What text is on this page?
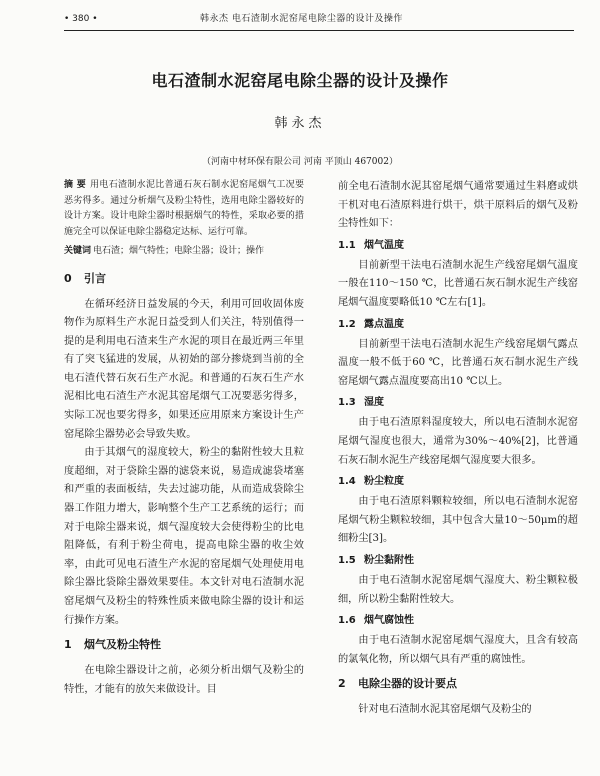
• 380 •	韩永杰 电石渣制水泥窑尾电除尘器的设计及操作
电石渣制水泥窑尾电除尘器的设计及操作
韩永杰
（河南中材环保有限公司 河南 平顶山 467002）

摘 要 用电石渣制水泥比普通石灰石制水泥窑尾烟气工况要恶劣得多。通过分析烟气及粉尘特性，选用电除尘器较好的设计方案。设计电除尘器时根据烟气的特性，采取必要的措施完全可以保证电除尘器稳定达标、运行可靠。

关键词 电石渣；烟气特性；电除尘器；设计；操作

0 引言

在循环经济日益发展的今天，利用可回收固体废物作为原料生产水泥日益受到人们关注，特别值得一提的是利用电石渣来生产水泥的项目在最近两三年里有了突飞猛进的发展，从初始的部分掺烧到当前的全电石渣代替石灰石生产水泥。和普通的石灰石生产水泥相比电石渣生产水泥其窑尾烟气工况要恶劣得多，实际工况也要劣得多，如果还应用原来方案设计生产窑尾除尘器势必会导致失败。

由于其烟气的湿度较大，粉尘的黏附性较大且粒度超细，对于袋除尘器的滤袋来说，易造成滤袋堵塞和严重的表面板结，失去过滤功能，从而造成袋除尘器工作阻力增大，影响整个生产工艺系统的运行；而对于电除尘器来说，烟气湿度较大会使得粉尘的比电阻降低，有利于粉尘荷电，提高电除尘器的收尘效率，由此可见电石渣生产水泥的窑尾烟气处理使用电除尘器比袋除尘器效果要佳。本文针对电石渣制水泥窑尾烟气及粉尘的特殊性质来做电除尘器的设计和运行操作方案。

1 烟气及粉尘特性

在电除尘器设计之前，必须分析出烟气及粉尘的特性，才能有的放矢来做设计。目

前全电石渣制水泥其窑尾烟气通常要通过生料磨或烘干机对电石渣原料进行烘干，烘干原料后的烟气及粉尘特性如下：

1.1 烟气温度

目前新型干法电石渣制水泥生产线窑尾烟气温度一般在110～150 ℃，比普通石灰石制水泥生产线窑尾烟气温度要略低10 ℃左右[1]。

1.2 露点温度

目前新型干法电石渣制水泥生产线窑尾烟气露点温度一般不低于60 ℃，比普通石灰石制水泥生产线窑尾烟气露点温度要高出10 ℃以上。

1.3 湿度

由于电石渣原料湿度较大，所以电石渣制水泥窑尾烟气湿度也很大，通常为30%～40%[2]，比普通石灰石制水泥生产线窑尾烟气湿度要大很多。

1.4 粉尘粒度

由于电石渣原料颗粒较细，所以电石渣制水泥窑尾烟气粉尘颗粒较细，其中包含大量10～50μm的超细粉尘[3]。

1.5 粉尘黏附性

由于电石渣制水泥窑尾烟气湿度大、粉尘颗粒极细，所以粉尘黏附性较大。

1.6 烟气腐蚀性

由于电石渣制水泥窑尾烟气湿度大，且含有较高的氯氧化物，所以烟气具有严重的腐蚀性。

2 电除尘器的设计要点

针对电石渣制水泥其窑尾烟气及粉尘的
